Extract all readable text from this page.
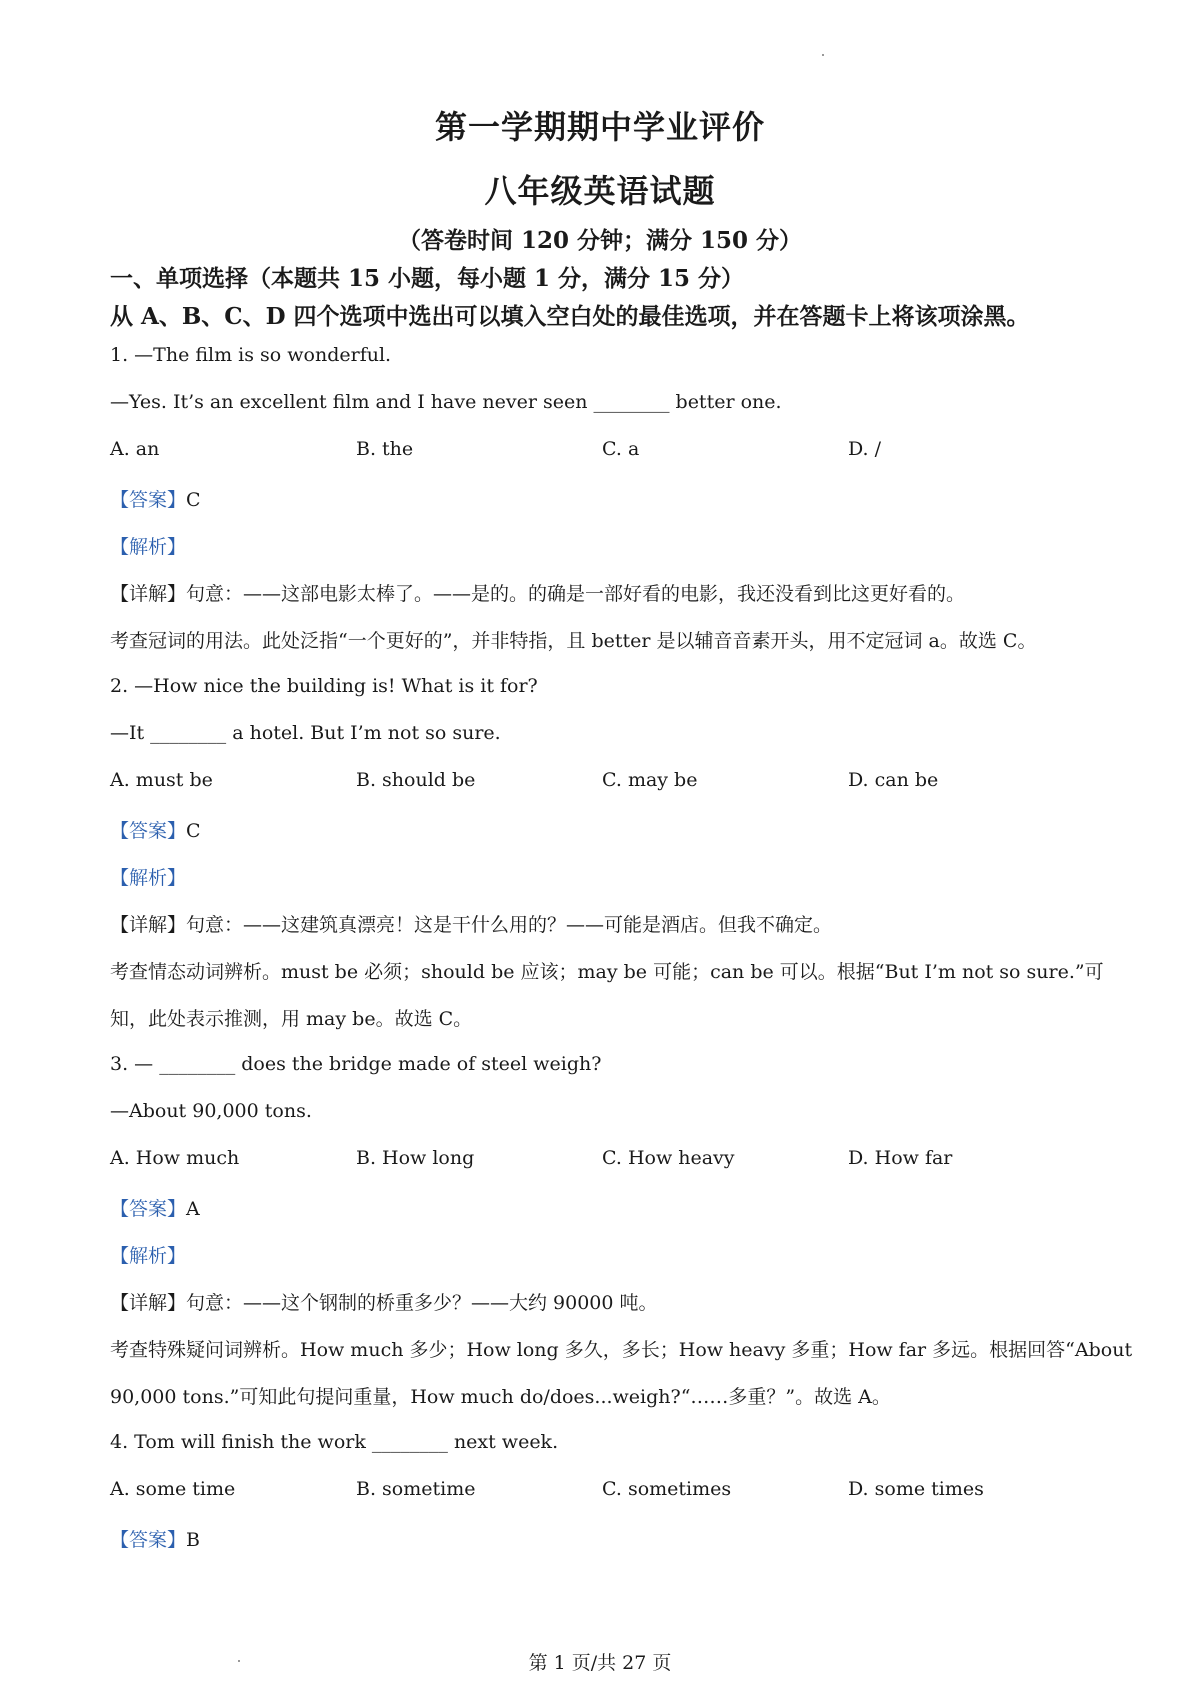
第一学期期中学业评价
八年级英语试题
（答卷时间 120 分钟；满分 150 分）
一、单项选择（本题共 15 小题，每小题 1 分，满分 15 分）
从 A、B、C、D 四个选项中选出可以填入空白处的最佳选项，并在答题卡上将该项涂黑。
1. —The film is so wonderful.
—Yes. It’s an excellent film and I have never seen ________ better one.
A. an	B. the	C. a	D. /
【答案】C
【解析】
【详解】句意：——这部电影太棒了。——是的。的确是一部好看的电影，我还没看到比这更好看的。
考查冠词的用法。此处泛指“一个更好的”，并非特指，且 better 是以辅音音素开头，用不定冠词 a。故选 C。
2. —How nice the building is! What is it for?
—It ________ a hotel. But I’m not so sure.
A. must be	B. should be	C. may be	D. can be
【答案】C
【解析】
【详解】句意：——这建筑真漂亮！这是干什么用的？——可能是酒店。但我不确定。
考查情态动词辨析。must be 必须；should be 应该；may be 可能；can be 可以。根据“But I’m not so sure.”可
知，此处表示推测，用 may be。故选 C。
3. — ________ does the bridge made of steel weigh?
—About 90,000 tons.
A. How much	B. How long	C. How heavy	D. How far
【答案】A
【解析】
【详解】句意：——这个钢制的桥重多少？——大约 90000 吨。
考查特殊疑问词辨析。How much 多少；How long 多久，多长；How heavy 多重；How far 多远。根据回答“About
90,000 tons.”可知此句提问重量，How much do/does...weigh?“……多重？”。故选 A。
4. Tom will finish the work ________ next week.
A. some time	B. sometime	C. sometimes	D. some times
【答案】B
第 1 页/共 27 页
